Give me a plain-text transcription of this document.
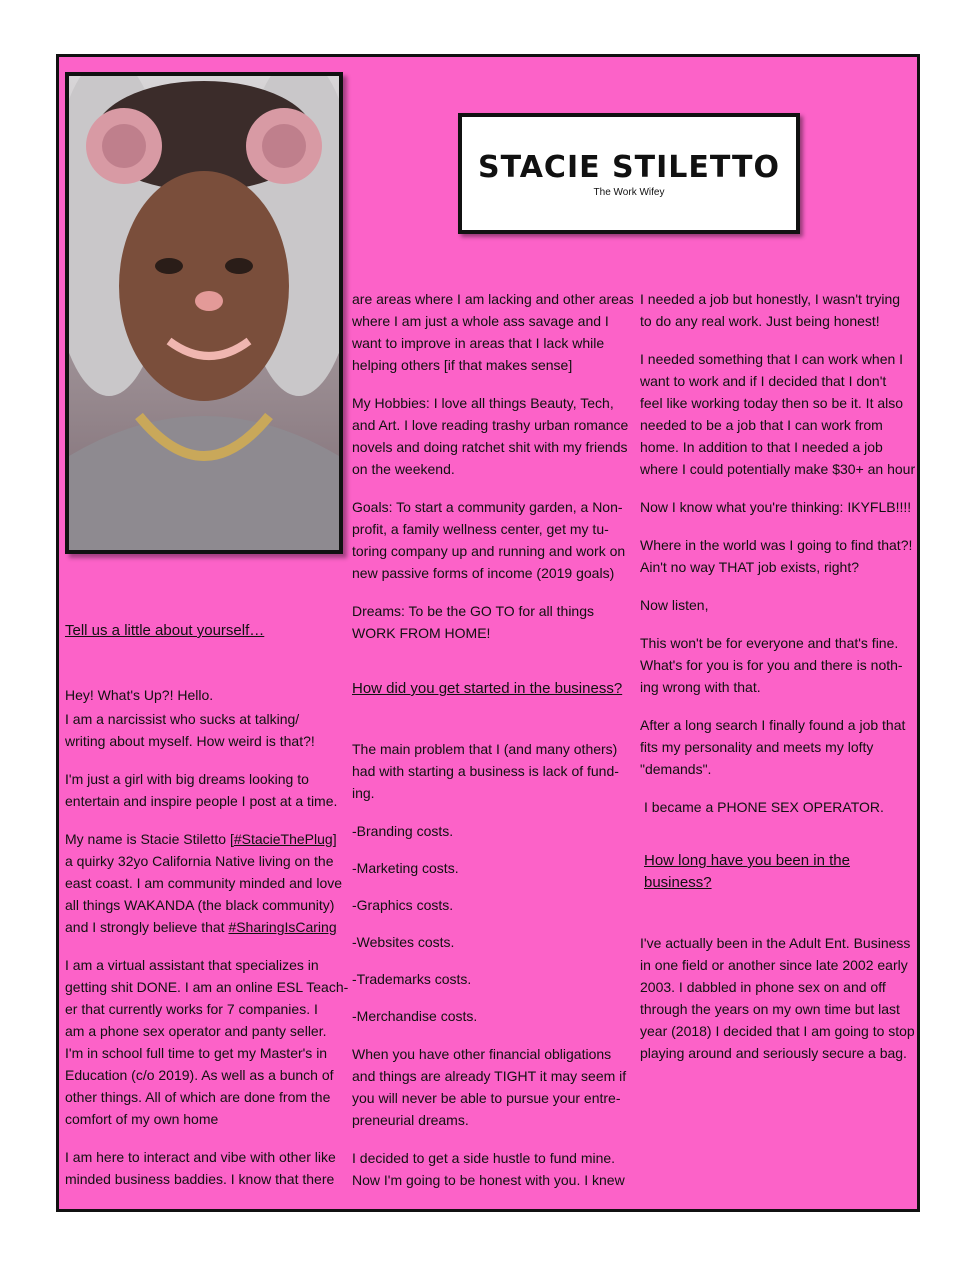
STACIE STILETTO
The Work Wifey

Tell us a little about yourself…

Hey! What's Up?! Hello.

I am a narcissist who sucks at talking/
writing about myself. How weird is that?!

I'm just a girl with big dreams looking to
entertain and inspire people I post at a time.

My name is Stacie Stiletto [#StacieThePlug]
a quirky 32yo California Native living on the
east coast. I am community minded and love
all things WAKANDA (the black community)
and I strongly believe that #SharingIsCaring

I am a virtual assistant that specializes in
getting shit DONE. I am an online ESL Teach-
er that currently works for 7 companies. I
am a phone sex operator and panty seller.
I'm in school full time to get my Master's in
Education (c/o 2019). As well as a bunch of
other things. All of which are done from the
comfort of my own home

I am here to interact and vibe with other like
minded business baddies. I know that there

are areas where I am lacking and other areas
where I am just a whole ass savage and I
want to improve in areas that I lack while
helping others [if that makes sense]

My Hobbies: I love all things Beauty, Tech,
and Art. I love reading trashy urban romance
novels and doing ratchet shit with my friends
on the weekend.

Goals: To start a community garden, a Non-
profit, a family wellness center, get my tu-
toring company up and running and work on
new passive forms of income (2019 goals)

Dreams: To be the GO TO for all things
WORK FROM HOME!

How did you get started in the business?

The main problem that I (and many others)
had with starting a business is lack of fund-
ing.

-Branding costs.

-Marketing costs.

-Graphics costs.

-Websites costs.

-Trademarks costs.

-Merchandise costs.

When you have other financial obligations
and things are already TIGHT it may seem if
you will never be able to pursue your entre-
preneurial dreams.

I decided to get a side hustle to fund mine.
Now I'm going to be honest with you. I knew

I needed a job but honestly, I wasn't trying
to do any real work. Just being honest!

I needed something that I can work when I
want to work and if I decided that I don't
feel like working today then so be it. It also
needed to be a job that I can work from
home. In addition to that I needed a job
where I could potentially make $30+ an hour

Now I know what you're thinking: IKYFLB!!!!

Where in the world was I going to find that?!
Ain't no way THAT job exists, right?

Now listen,

This won't be for everyone and that's fine.
What's for you is for you and there is noth-
ing wrong with that.

After a long search I finally found a job that
fits my personality and meets my lofty
"demands".

I became a PHONE SEX OPERATOR.

How long have you been in the business?

I've actually been in the Adult Ent. Business
in one field or another since late 2002 early
2003. I dabbled in phone sex on and off
through the years on my own time but last
year (2018) I decided that I am going to stop
playing around and seriously secure a bag.
